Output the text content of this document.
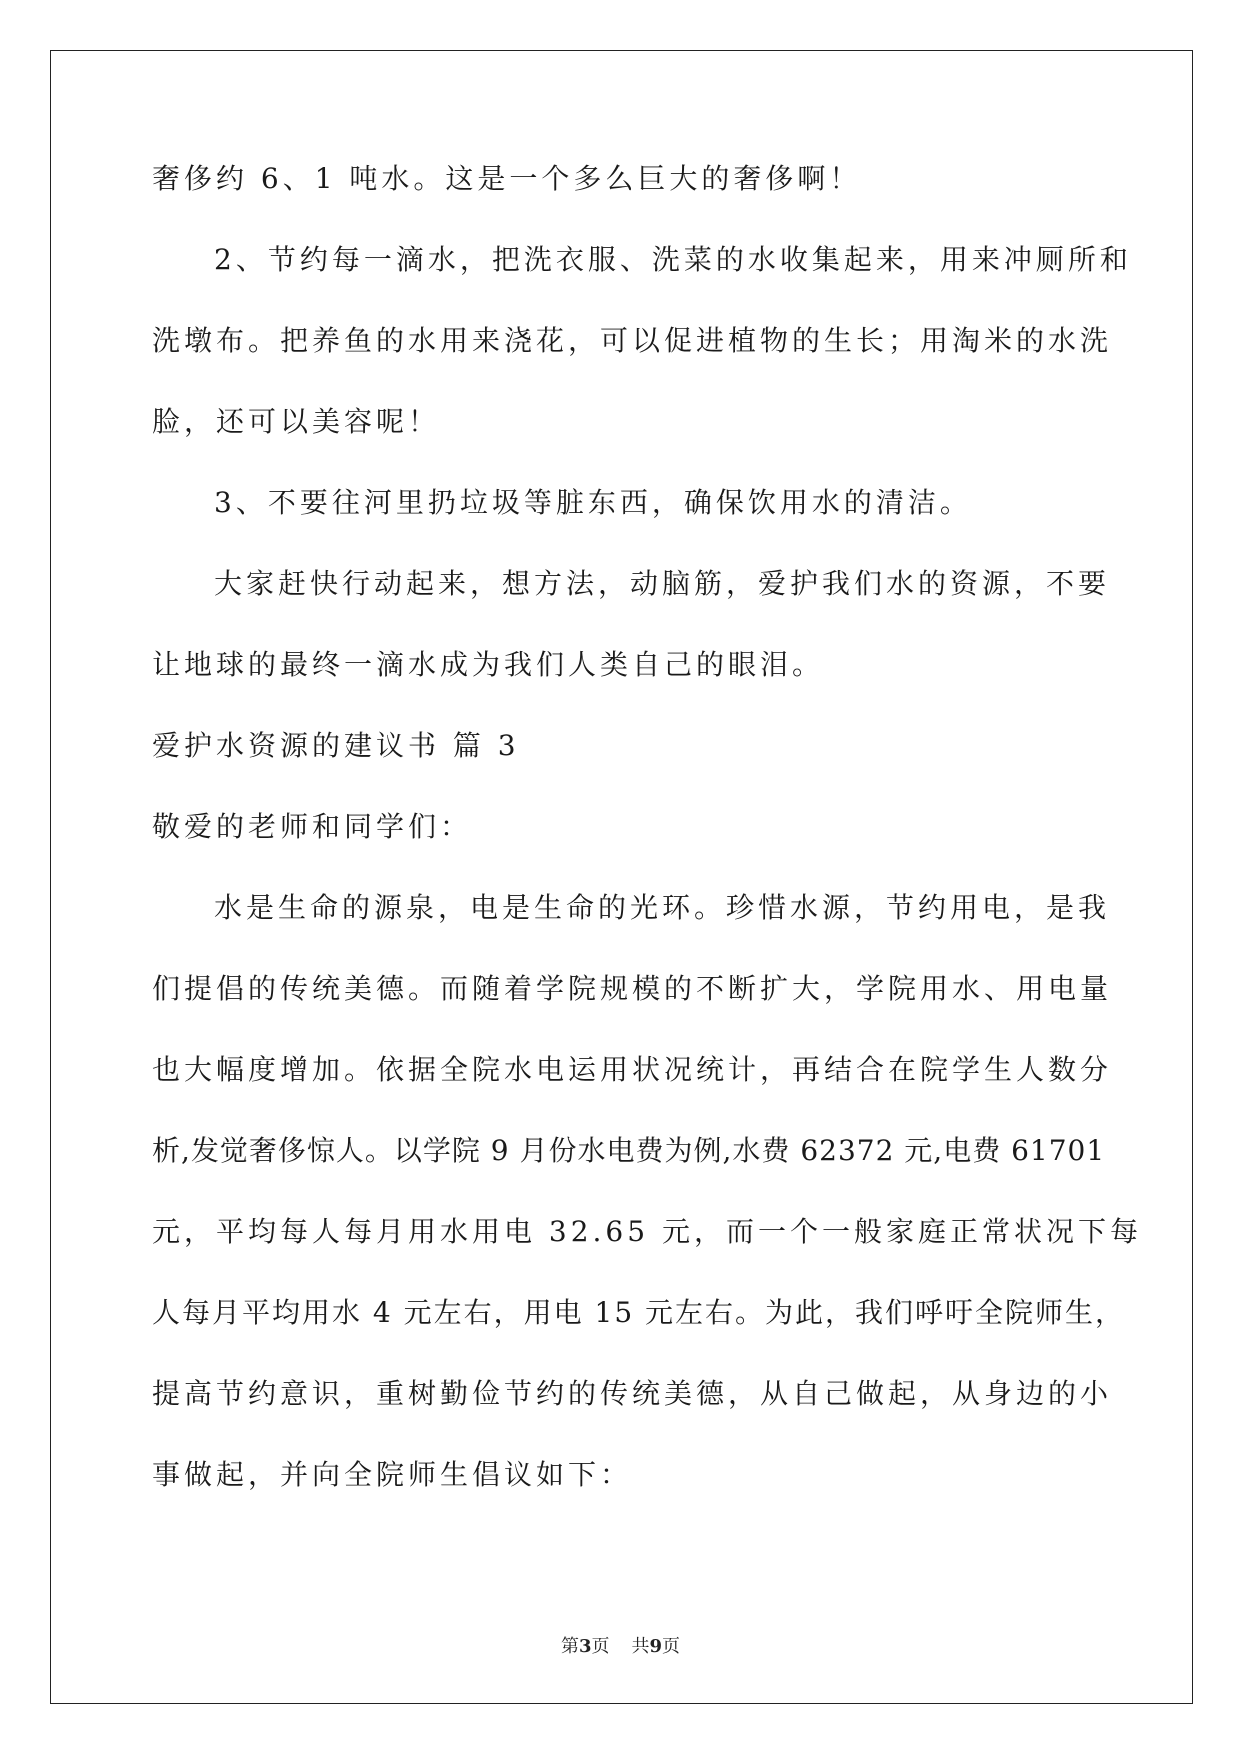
奢侈约 6、1 吨水。这是一个多么巨大的奢侈啊！
2、节约每一滴水，把洗衣服、洗菜的水收集起来，用来冲厕所和
洗墩布。把养鱼的水用来浇花，可以促进植物的生长；用淘米的水洗
脸，还可以美容呢！
3、不要往河里扔垃圾等脏东西，确保饮用水的清洁。
大家赶快行动起来，想方法，动脑筋，爱护我们水的资源，不要
让地球的最终一滴水成为我们人类自己的眼泪。
爱护水资源的建议书 篇 3
敬爱的老师和同学们：
水是生命的源泉，电是生命的光环。珍惜水源，节约用电，是我
们提倡的传统美德。而随着学院规模的不断扩大，学院用水、用电量
也大幅度增加。依据全院水电运用状况统计，再结合在院学生人数分
析,发觉奢侈惊人。以学院 9 月份水电费为例,水费 62372 元,电费 61701
元，平均每人每月用水用电 32.65 元，而一个一般家庭正常状况下每
人每月平均用水 4 元左右，用电 15 元左右。为此，我们呼吁全院师生，
提高节约意识，重树勤俭节约的传统美德，从自己做起，从身边的小
事做起，并向全院师生倡议如下：
第3页 共9页
